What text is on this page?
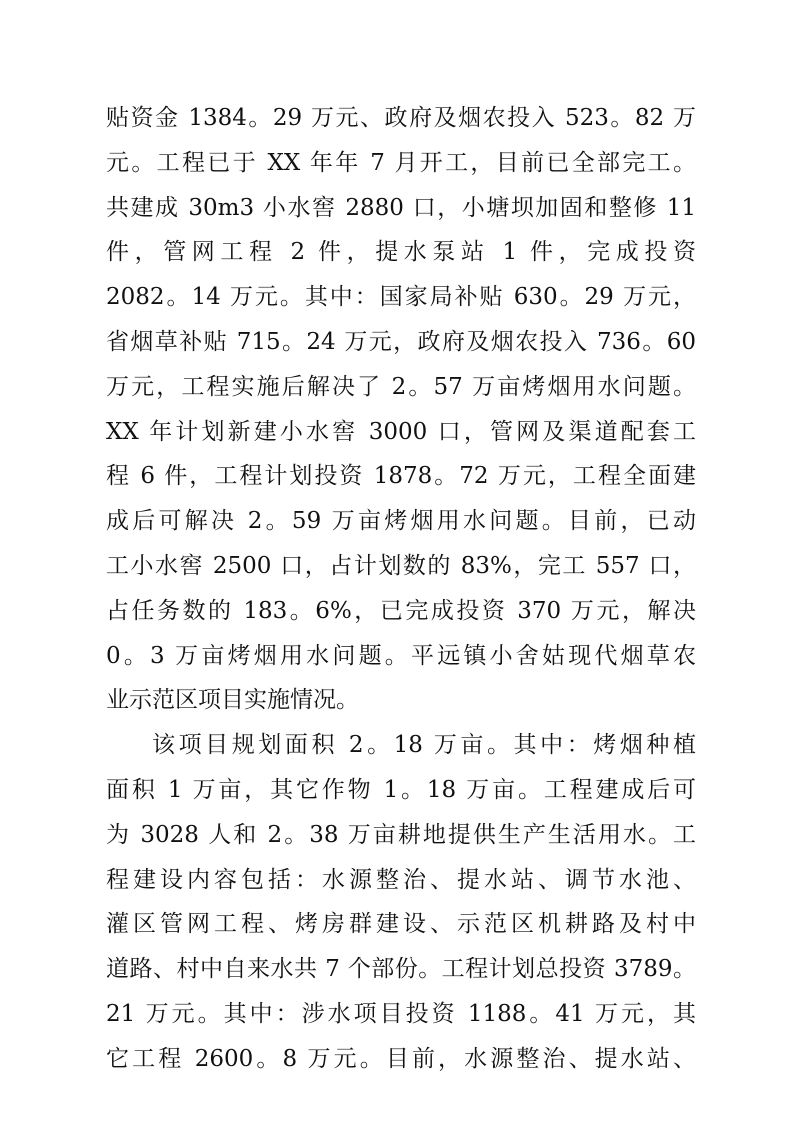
贴资金 1384。29 万元、政府及烟农投入 523。82 万
元。工程已于 XX 年年 7 月开工，目前已全部完工。
共建成 30m3 小水窖 2880 口，小塘坝加固和整修 11
件，管网工程 2 件，提水泵站 1 件，完成投资
2082。14 万元。其中：国家局补贴 630。29 万元，
省烟草补贴 715。24 万元，政府及烟农投入 736。60
万元，工程实施后解决了 2。57 万亩烤烟用水问题。
XX 年计划新建小水窖 3000 口，管网及渠道配套工
程 6 件，工程计划投资 1878。72 万元，工程全面建
成后可解决 2。59 万亩烤烟用水问题。目前，已动
工小水窖 2500 口，占计划数的 83%，完工 557 口，
占任务数的 183。6%，已完成投资 370 万元，解决
0。3 万亩烤烟用水问题。平远镇小舍姑现代烟草农
业示范区项目实施情况。
该项目规划面积 2。18 万亩。其中：烤烟种植
面积 1 万亩，其它作物 1。18 万亩。工程建成后可
为 3028 人和 2。38 万亩耕地提供生产生活用水。工
程建设内容包括：水源整治、提水站、调节水池、
灌区管网工程、烤房群建设、示范区机耕路及村中
道路、村中自来水共 7 个部份。工程计划总投资 3789。
21 万元。其中：涉水项目投资 1188。41 万元，其
它工程 2600。8 万元。目前，水源整治、提水站、
